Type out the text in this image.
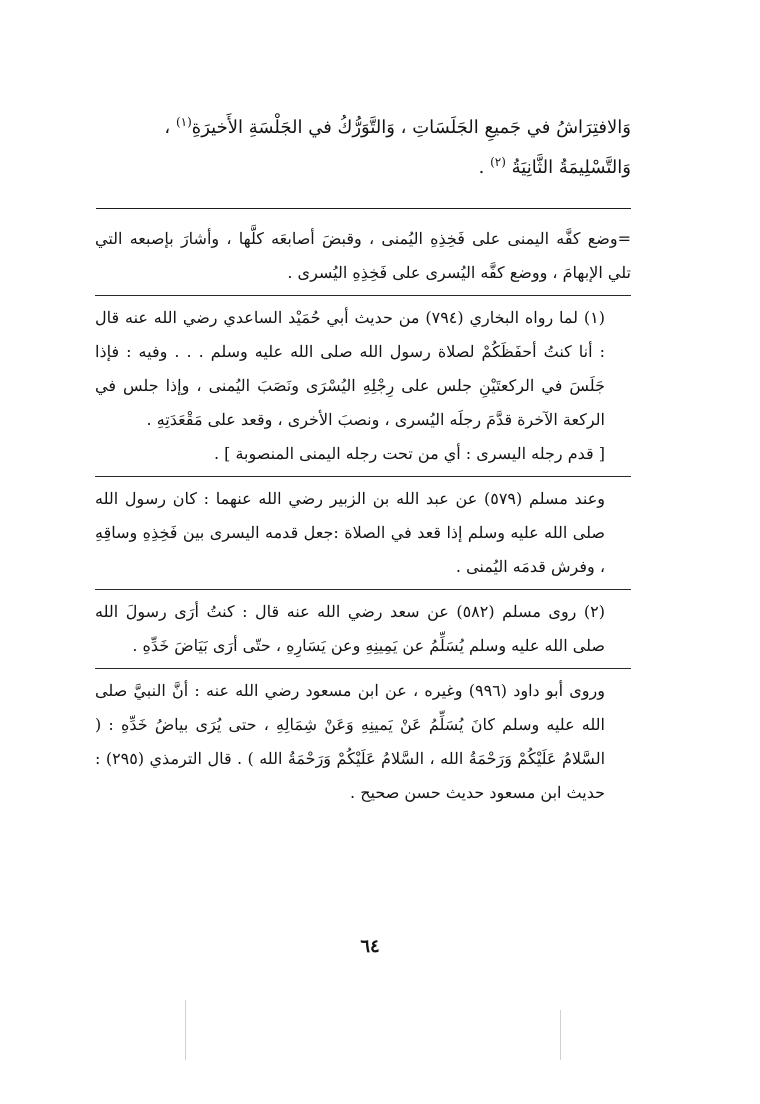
وَالافتِرَاشُ في جَميعِ الجَلَسَاتِ ، وَالتَّوَرُّكُ في الجَلْسَةِ الأَخيرَةِ$^{(١)}$ ،

وَالتَّسْلِيمَةُ الثَّانِيَةُ $^{(٢)}$ .

=وضع كفَّه اليمنى على فَخِذِهِ اليُمنى ، وقبضَ أصابعَه كلَّها ، وأشارَ بإصبعه التي تلي الإبهامَ ، ووضع كفَّه اليُسرى على فَخِذِهِ اليُسرى .

(١) لما رواه البخاري (٧٩٤) من حديث أبي حُمَيْد الساعدي رضي الله عنه قال : أنا كنتُ أحفَظَكُمْ لصلاة رسول الله صلى الله عليه وسلم . . . وفيه : فإذا جَلَسَ في الركعتَيْنِ جلس على رِجْلِهِ اليُسْرَى ونَصَبَ اليُمنى ، وإذا جلس في الركعة الآخرة قدَّمَ رجلَه اليُسرى ، ونصبَ الأخرى ، وقعد على مَقْعَدَتِهِ .

[ قدم رجله اليسرى : أي من تحت رجله اليمنى المنصوبة ] .

وعند مسلم (٥٧٩) عن عبد الله بن الزبير رضي الله عنهما : كان رسول الله صلى الله عليه وسلم إذا قعد في الصلاة :جعل قدمه اليسرى بين فَخِذِهِ وساقِهِ ، وفرش قدمَه اليُمنى .

(٢) روى مسلم (٥٨٢) عن سعد رضي الله عنه قال : كنتُ أرَى رسولَ الله صلى الله عليه وسلم يُسَلِّمُ عن يَمِينِهِ وعن يَسَارِهِ ، حتّى أرَى بَيَاضَ خَدِّهِ .

وروى أبو داود (٩٩٦) وغيره ، عن ابن مسعود رضي الله عنه : أنَّ النبيَّ صلى الله عليه وسلم كانَ يُسَلِّمُ عَنْ يَمينِهِ وَعَنْ شِمَالِهِ ، حتى يُرَى بياضُ خَدِّهِ : ( السَّلامُ عَلَيْكُمْ وَرَحْمَةُ الله ، السَّلامُ عَلَيْكُمْ وَرَحْمَةُ الله ) . قال الترمذي (٢٩٥) : حديث ابن مسعود حديث حسن صحيح .

٦٤
